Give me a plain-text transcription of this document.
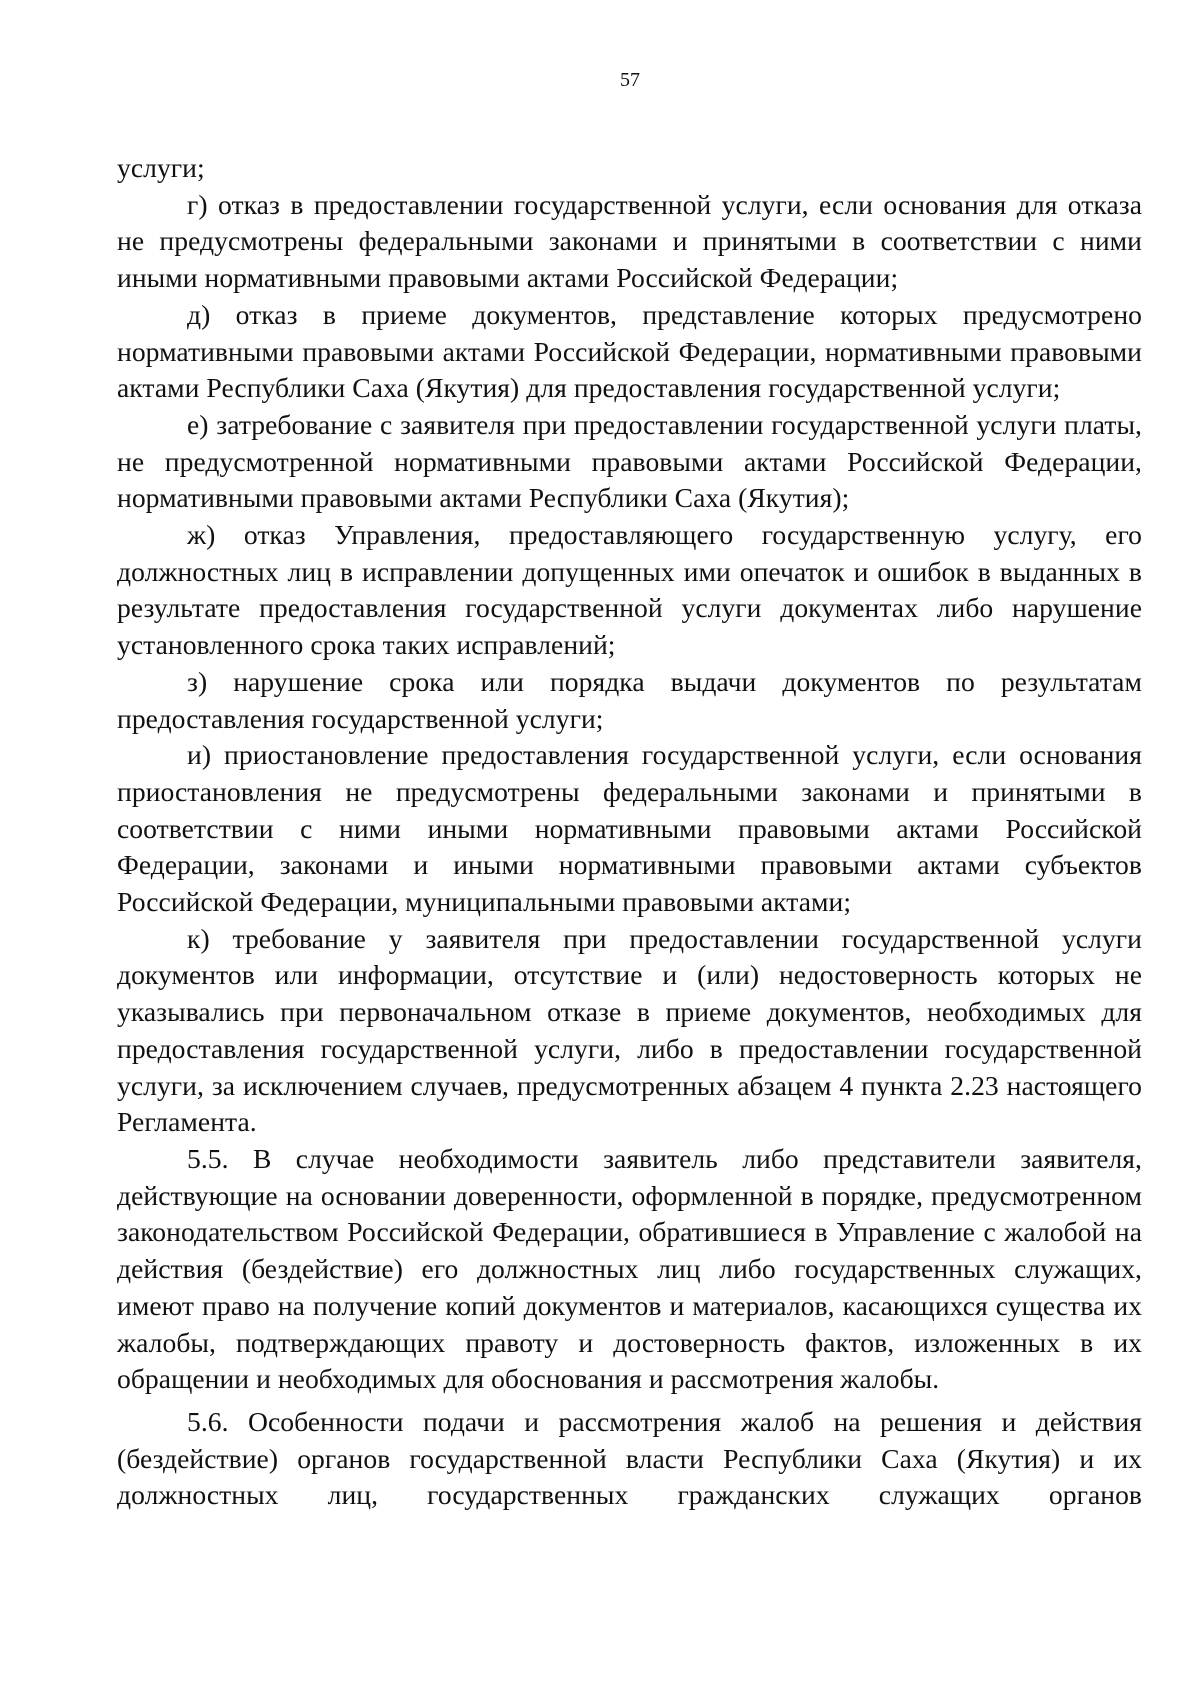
57

услуги;

г) отказ в предоставлении государственной услуги, если основания для отказа не предусмотрены федеральными законами и принятыми в соответствии с ними иными нормативными правовыми актами Российской Федерации;

д) отказ в приеме документов, представление которых предусмотрено нормативными правовыми актами Российской Федерации, нормативными правовыми актами Республики Саха (Якутия) для предоставления государственной услуги;

е) затребование с заявителя при предоставлении государственной услуги платы, не предусмотренной нормативными правовыми актами Российской Федерации, нормативными правовыми актами Республики Саха (Якутия);

ж) отказ Управления, предоставляющего государственную услугу, его должностных лиц в исправлении допущенных ими опечаток и ошибок в выданных в результате предоставления государственной услуги документах либо нарушение установленного срока таких исправлений;

з) нарушение срока или порядка выдачи документов по результатам предоставления государственной услуги;

и) приостановление предоставления государственной услуги, если основания приостановления не предусмотрены федеральными законами и принятыми в соответствии с ними иными нормативными правовыми актами Российской Федерации, законами и иными нормативными правовыми актами субъектов Российской Федерации, муниципальными правовыми актами;

к) требование у заявителя при предоставлении государственной услуги документов или информации, отсутствие и (или) недостоверность которых не указывались при первоначальном отказе в приеме документов, необходимых для предоставления государственной услуги, либо в предоставлении государственной услуги, за исключением случаев, предусмотренных абзацем 4 пункта 2.23 настоящего Регламента.

5.5. В случае необходимости заявитель либо представители заявителя, действующие на основании доверенности, оформленной в порядке, предусмотренном законодательством Российской Федерации, обратившиеся в Управление с жалобой на действия (бездействие) его должностных лиц либо государственных служащих, имеют право на получение копий документов и материалов, касающихся существа их жалобы, подтверждающих правоту и достоверность фактов, изложенных в их обращении и необходимых для обоснования и рассмотрения жалобы.

5.6. Особенности подачи и рассмотрения жалоб на решения и действия (бездействие) органов государственной власти Республики Саха (Якутия) и их должностных лиц, государственных гражданских служащих органов
